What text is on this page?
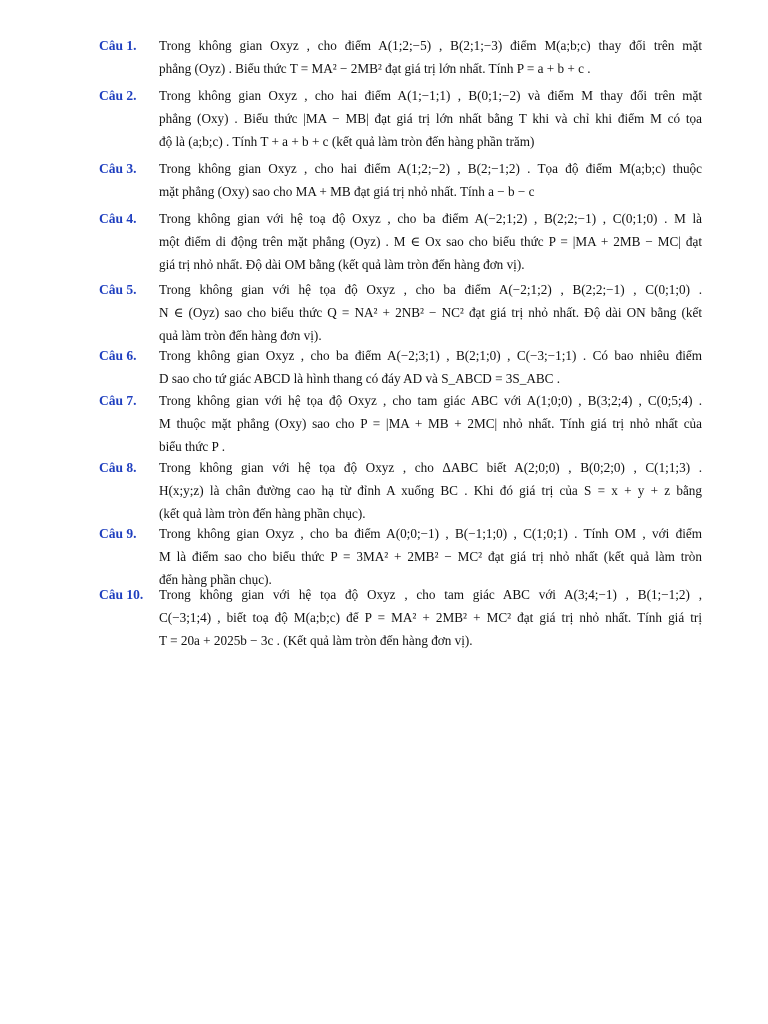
Câu 1. Trong không gian Oxyz , cho điểm A(1;2;−5) , B(2;1;−3) điểm M(a;b;c) thay đổi trên mặt
phẳng (Oyz) . Biểu thức T = MA² − 2MB² đạt giá trị lớn nhất. Tính P = a + b + c .
Câu 2. Trong không gian Oxyz , cho hai điểm A(1;−1;1) , B(0;1;−2) và điểm M thay đổi trên mặt
phẳng (Oxy) . Biểu thức |MA − MB| đạt giá trị lớn nhất bằng T khi và chỉ khi điểm M có tọa
độ là (a;b;c) . Tính T + a + b + c (kết quả làm tròn đến hàng phần trăm)
Câu 3. Trong không gian Oxyz , cho hai điểm A(1;2;−2) , B(2;−1;2) . Tọa độ điểm M(a;b;c) thuộc
mặt phẳng (Oxy) sao cho MA + MB đạt giá trị nhỏ nhất. Tính a − b − c
Câu 4. Trong không gian với hệ toạ độ Oxyz , cho ba điểm A(−2;1;2) , B(2;2;−1) , C(0;1;0) . M là
một điểm di động trên mặt phẳng (Oyz) . M ∈ Ox sao cho biểu thức P = |MA + 2MB − MC| đạt
giá trị nhỏ nhất. Độ dài OM bằng (kết quả làm tròn đến hàng đơn vị).
Câu 5. Trong không gian với hệ tọa độ Oxyz , cho ba điểm A(−2;1;2) , B(2;2;−1) , C(0;1;0) .
N ∈ (Oyz) sao cho biểu thức Q = NA² + 2NB² − NC² đạt giá trị nhỏ nhất. Độ dài ON bằng (kết
quả làm tròn đến hàng đơn vị).
Câu 6. Trong không gian Oxyz , cho ba điểm A(−2;3;1) , B(2;1;0) , C(−3;−1;1) . Có bao nhiêu điểm
D sao cho tứ giác ABCD là hình thang có đáy AD và S_ABCD = 3S_ABC .
Câu 7. Trong không gian với hệ tọa độ Oxyz , cho tam giác ABC với A(1;0;0) , B(3;2;4) , C(0;5;4) .
M thuộc mặt phẳng (Oxy) sao cho P = |MA + MB + 2MC| nhỏ nhất. Tính giá trị nhỏ nhất của
biểu thức P .
Câu 8. Trong không gian với hệ tọa độ Oxyz , cho ΔABC biết A(2;0;0) , B(0;2;0) , C(1;1;3) .
H(x;y;z) là chân đường cao hạ từ đỉnh A xuống BC . Khi đó giá trị của S = x + y + z bằng
(kết quả làm tròn đến hàng phần chục).
Câu 9. Trong không gian Oxyz , cho ba điểm A(0;0;−1) , B(−1;1;0) , C(1;0;1) . Tính OM , với điểm
M là điểm sao cho biểu thức P = 3MA² + 2MB² − MC² đạt giá trị nhỏ nhất (kết quả làm tròn
đến hàng phần chục).
Câu 10. Trong không gian với hệ tọa độ Oxyz , cho tam giác ABC với A(3;4;−1) , B(1;−1;2) ,
C(−3;1;4) , biết toạ độ M(a;b;c) để P = MA² + 2MB² + MC² đạt giá trị nhỏ nhất. Tính giá trị
T = 20a + 2025b − 3c . (Kết quả làm tròn đến hàng đơn vị).
